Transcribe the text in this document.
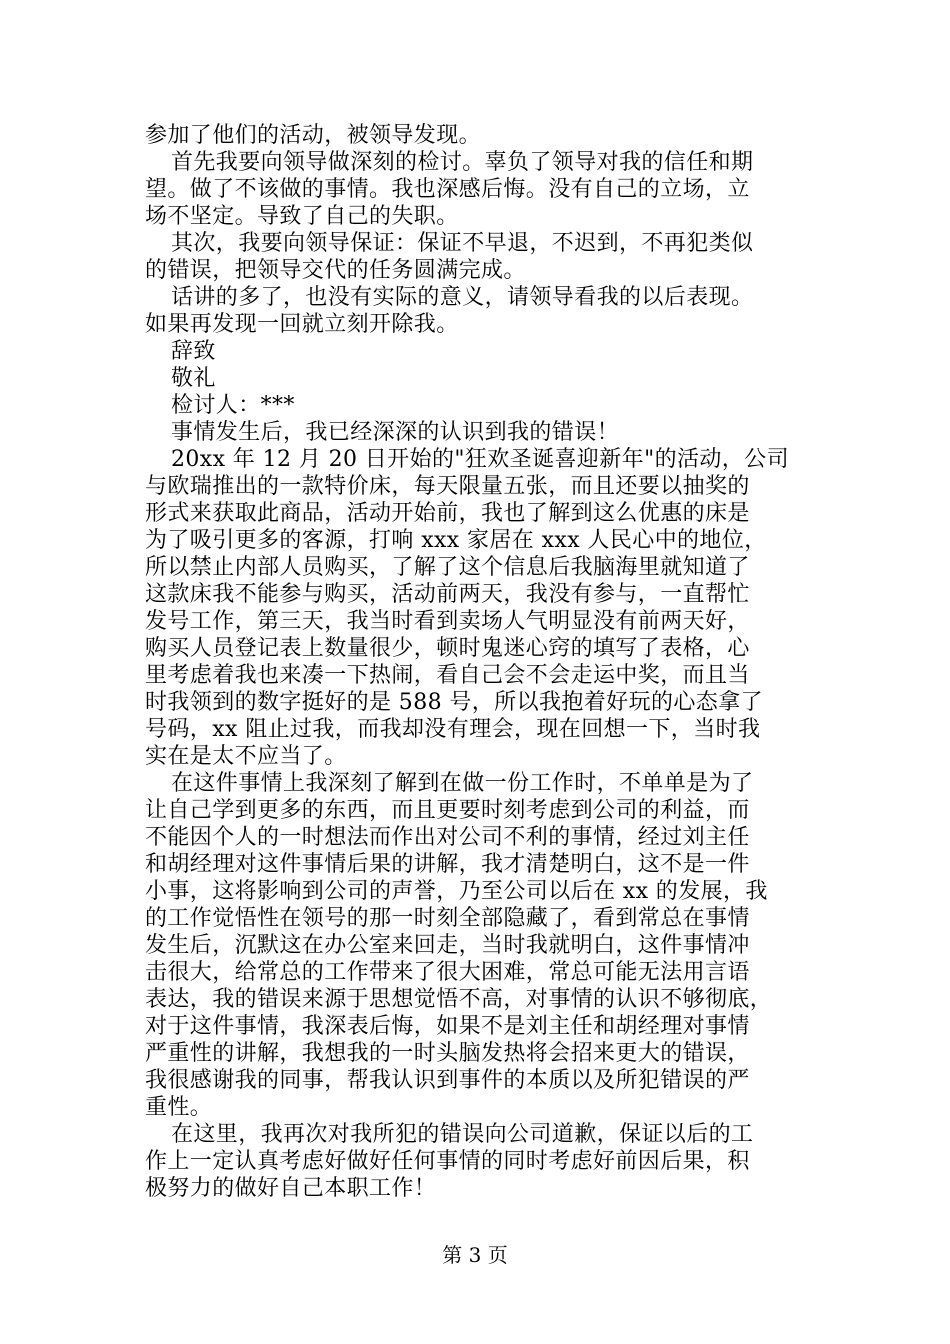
参加了他们的活动，被领导发现。
首先我要向领导做深刻的检讨。辜负了领导对我的信任和期
望。做了不该做的事情。我也深感后悔。没有自己的立场，立
场不坚定。导致了自己的失职。
其次，我要向领导保证：保证不早退，不迟到，不再犯类似
的错误，把领导交代的任务圆满完成。
话讲的多了，也没有实际的意义，请领导看我的以后表现。
如果再发现一回就立刻开除我。
辞致
敬礼
检讨人：***
事情发生后，我已经深深的认识到我的错误！
20xx 年 12 月 20 日开始的"狂欢圣诞喜迎新年"的活动，公司
与欧瑞推出的一款特价床，每天限量五张，而且还要以抽奖的
形式来获取此商品，活动开始前，我也了解到这么优惠的床是
为了吸引更多的客源，打响 xxx 家居在 xxx 人民心中的地位，
所以禁止内部人员购买，了解了这个信息后我脑海里就知道了
这款床我不能参与购买，活动前两天，我没有参与，一直帮忙
发号工作，第三天，我当时看到卖场人气明显没有前两天好，
购买人员登记表上数量很少，顿时鬼迷心窍的填写了表格，心
里考虑着我也来凑一下热闹，看自己会不会走运中奖，而且当
时我领到的数字挺好的是 588 号，所以我抱着好玩的心态拿了
号码，xx 阻止过我，而我却没有理会，现在回想一下，当时我
实在是太不应当了。
在这件事情上我深刻了解到在做一份工作时，不单单是为了
让自己学到更多的东西，而且更要时刻考虑到公司的利益，而
不能因个人的一时想法而作出对公司不利的事情，经过刘主任
和胡经理对这件事情后果的讲解，我才清楚明白，这不是一件
小事，这将影响到公司的声誉，乃至公司以后在 xx 的发展，我
的工作觉悟性在领号的那一时刻全部隐藏了，看到常总在事情
发生后，沉默这在办公室来回走，当时我就明白，这件事情冲
击很大，给常总的工作带来了很大困难，常总可能无法用言语
表达，我的错误来源于思想觉悟不高，对事情的认识不够彻底，
对于这件事情，我深表后悔，如果不是刘主任和胡经理对事情
严重性的讲解，我想我的一时头脑发热将会招来更大的错误，
我很感谢我的同事，帮我认识到事件的本质以及所犯错误的严
重性。
在这里，我再次对我所犯的错误向公司道歉，保证以后的工
作上一定认真考虑好做好任何事情的同时考虑好前因后果，积
极努力的做好自己本职工作！
第 3 页
